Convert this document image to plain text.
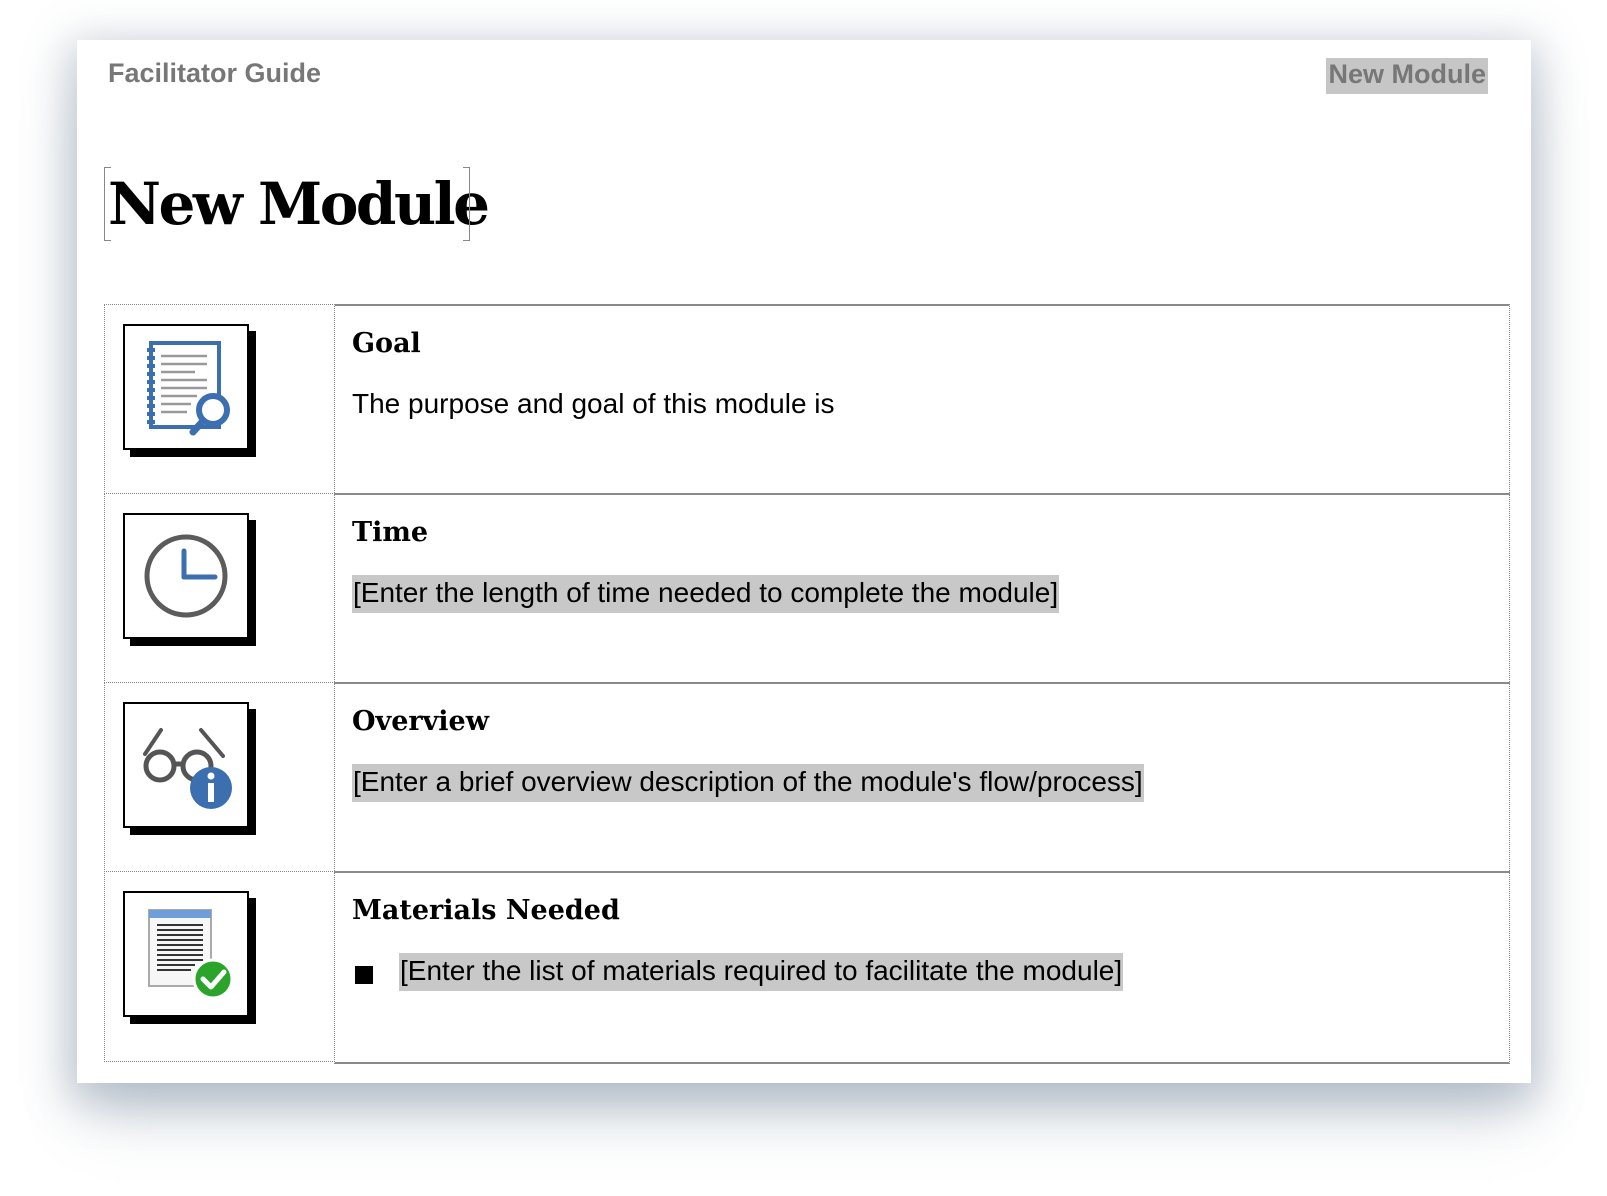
Facilitator Guide	New Module
New Module
Goal
The purpose and goal of this module is
Time
[Enter the length of time needed to complete the module]
Overview
[Enter a brief overview description of the module's flow/process]
Materials Needed
[Enter the list of materials required to facilitate the module]
